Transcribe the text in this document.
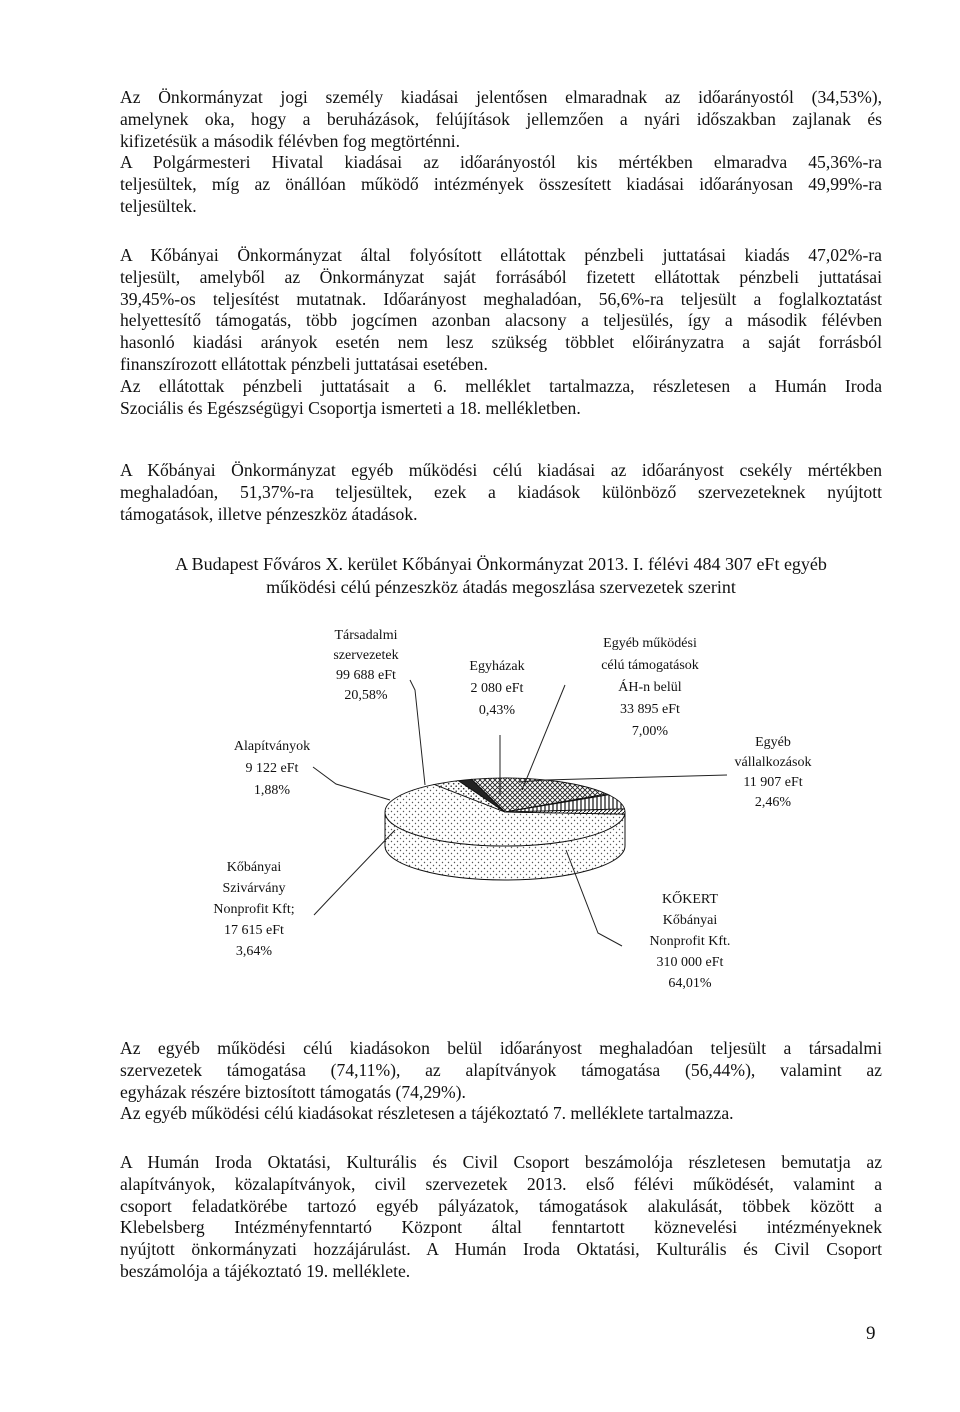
Az Önkormányzat jogi személy kiadásai jelentősen elmaradnak az időarányostól (34,53%),
amelynek oka, hogy a beruházások, felújítások jellemzően a nyári időszakban zajlanak és
kifizetésük a második félévben fog megtörténni.
A Polgármesteri Hivatal kiadásai az időarányostól kis mértékben elmaradva 45,36%-ra
teljesültek, míg az önállóan működő intézmények összesített kiadásai időarányosan 49,99%-ra
teljesültek.
A Kőbányai Önkormányzat által folyósított ellátottak pénzbeli juttatásai kiadás 47,02%-ra
teljesült, amelyből az Önkormányzat saját forrásából fizetett ellátottak pénzbeli juttatásai
39,45%-os teljesítést mutatnak. Időarányost meghaladóan, 56,6%-ra teljesült a foglalkoztatást
helyettesítő támogatás, több jogcímen azonban alacsony a teljesülés, így a második félévben
hasonló kiadási arányok esetén nem lesz szükség többlet előirányzatra a saját forrásból
finanszírozott ellátottak pénzbeli juttatásai esetében.
Az ellátottak pénzbeli juttatásait a 6. melléklet tartalmazza, részletesen a Humán Iroda
Szociális és Egészségügyi Csoportja ismerteti a 18. mellékletben.
A Kőbányai Önkormányzat egyéb működési célú kiadásai az időarányost csekély mértékben
meghaladóan, 51,37%-ra teljesültek, ezek a kiadások különböző szervezeteknek nyújtott
támogatások, illetve pénzeszköz átadások.
A Budapest Főváros X. kerület Kőbányai Önkormányzat 2013. I. félévi 484 307 eFt egyéb
működési célú pénzeszköz átadás megoszlása szervezetek szerint
KŐKERT Kőbányai Nonprofit Kft. 310 000 eFt 64,01%
Kőbányai Szivárvány Nonprofit Kft; 17 615 eFt 3,64%
Alapítványok 9 122 eFt 1,88%
Társadalmi szervezetek 99 688 eFt 20,58%
Egyházak 2 080 eFt 0,43%
Egyéb működési célú támogatások ÁH-n belül 33 895 eFt 7,00%
Egyéb vállalkozások 11 907 eFt 2,46%
Az egyéb működési célú kiadásokon belül időarányost meghaladóan teljesült a társadalmi
szervezetek támogatása (74,11%), az alapítványok támogatása (56,44%), valamint az
egyházak részére biztosított támogatás (74,29%).
Az egyéb működési célú kiadásokat részletesen a tájékoztató 7. melléklete tartalmazza.
A Humán Iroda Oktatási, Kulturális és Civil Csoport beszámolója részletesen bemutatja az
alapítványok, közalapítványok, civil szervezetek 2013. első félévi működését, valamint a
csoport feladatkörébe tartozó egyéb pályázatok, támogatások alakulását, többek között a
Klebelsberg Intézményfenntartó Központ által fenntartott köznevelési intézményeknek
nyújtott önkormányzati hozzájárulást. A Humán Iroda Oktatási, Kulturális és Civil Csoport
beszámolója a tájékoztató 19. melléklete.
9
